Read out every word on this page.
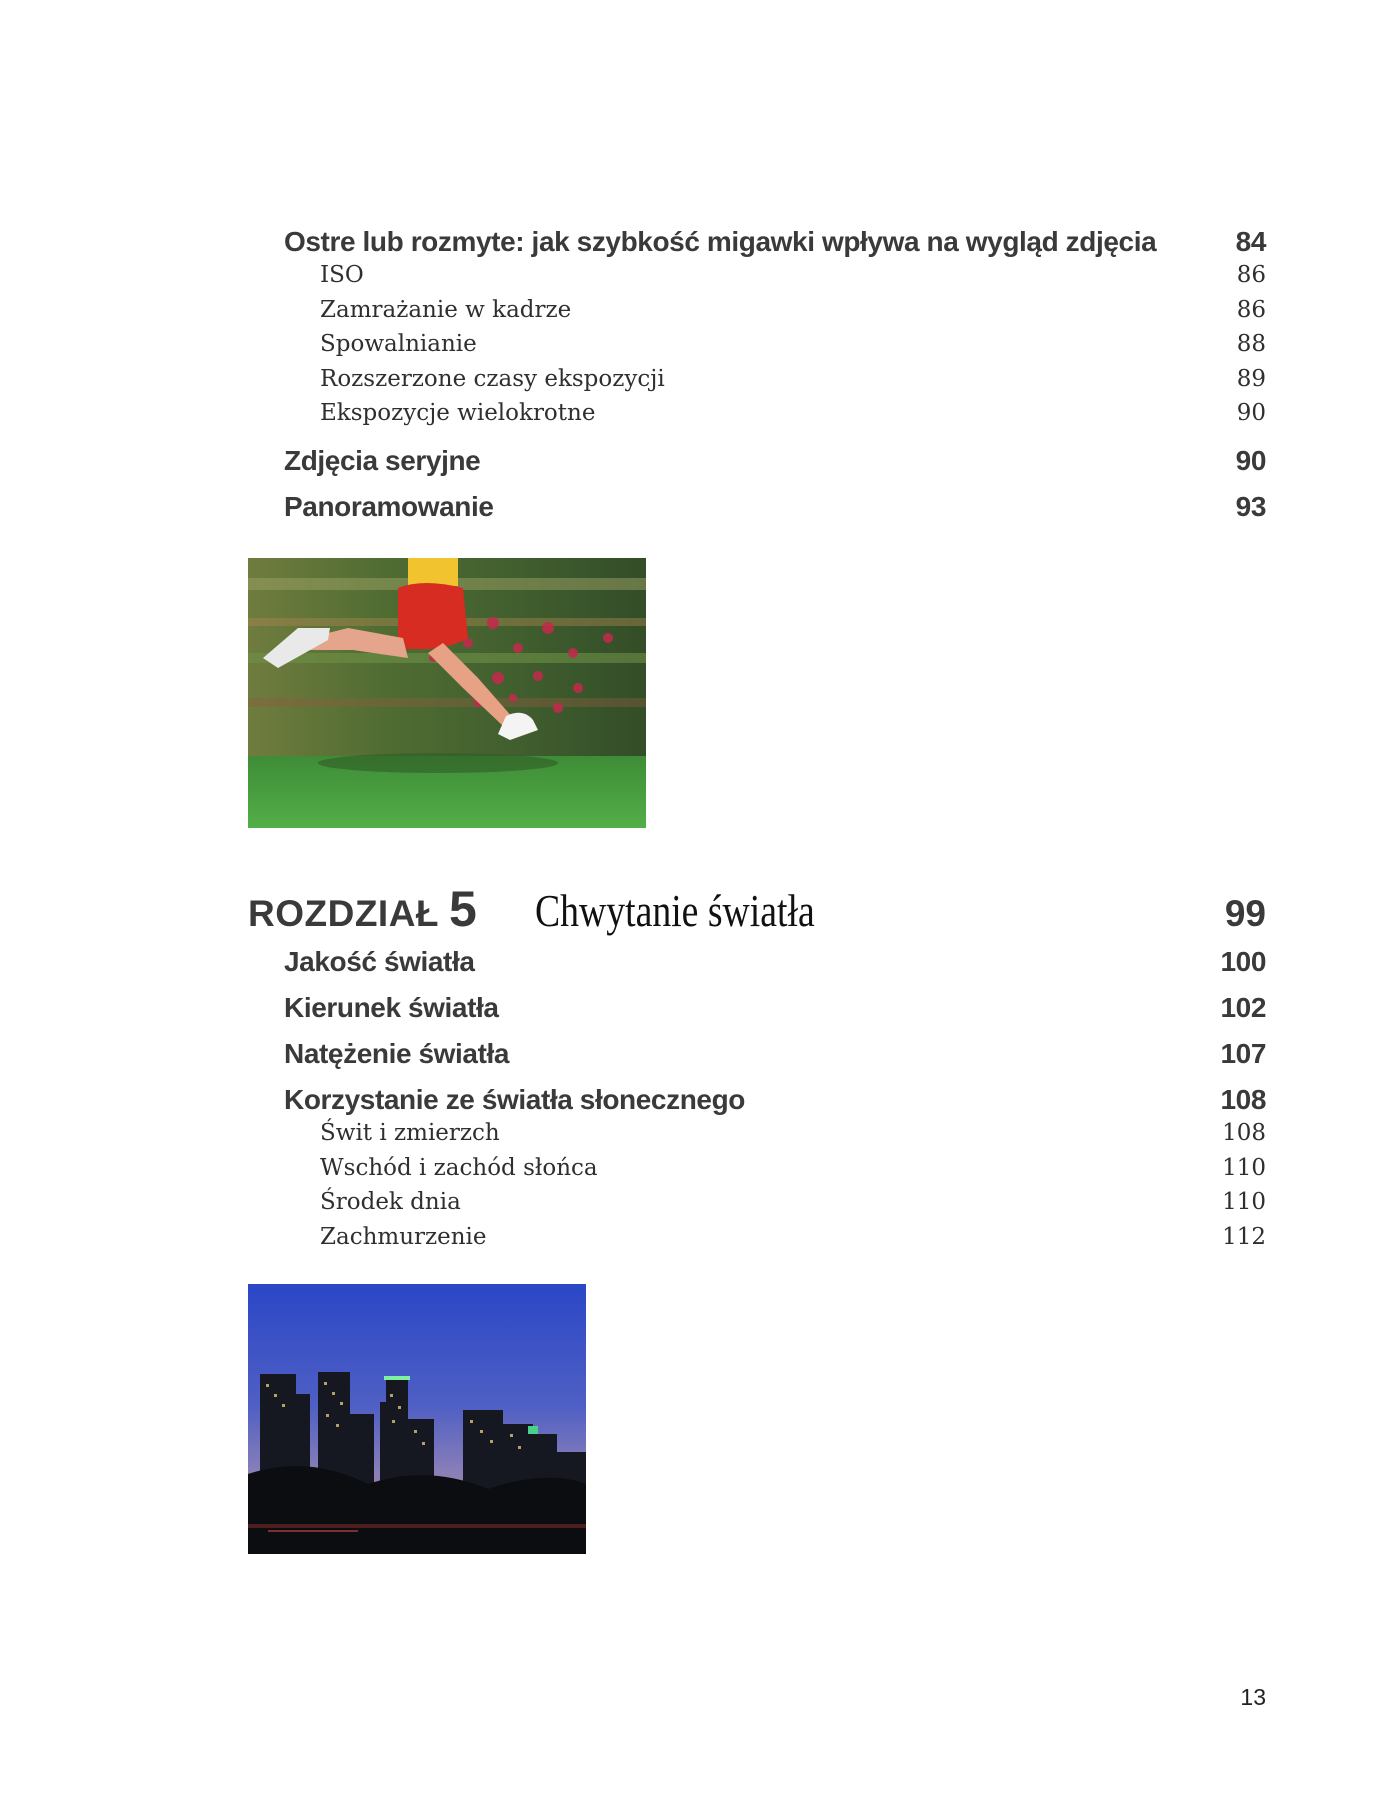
Ostre lub rozmyte: jak szybkość migawki wpływa na wygląd zdjęcia	84
ISO	86
Zamrażanie w kadrze	86
Spowalnianie	88
Rozszerzone czasy ekspozycji	89
Ekspozycje wielokrotne	90
Zdjęcia seryjne	90
Panoramowanie	93
ROZDZIAŁ 5 Chwytanie światła	99
Jakość światła	100
Kierunek światła	102
Natężenie światła	107
Korzystanie ze światła słonecznego	108
Świt i zmierzch	108
Wschód i zachód słońca	110
Środek dnia	110
Zachmurzenie	112
13
